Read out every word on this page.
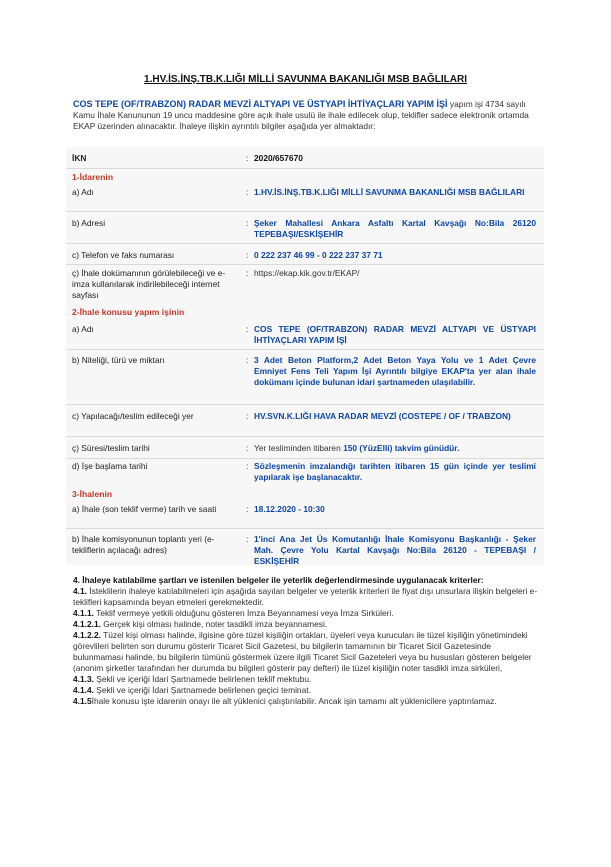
1.HV.İS.İNŞ.TB.K.LIĞI MİLLİ SAVUNMA BAKANLIĞI MSB BAĞLILARI
COS TEPE (OF/TRABZON) RADAR MEVZİ ALTYAPI VE ÜSTYAPI İHTİYAÇLARI YAPIM İŞİ yapım işi 4734 sayılı Kamu İhale Kanununun 19 uncu maddesine göre açık ihale usulü ile ihale edilecek olup, teklifler sadece elektronik ortamda EKAP üzerinden alınacaktır. İhaleye ilişkin ayrıntılı bilgiler aşağıda yer almaktadır:
İKN	: 2020/657670
1-İdarenin
a) Adı	: 1.HV.İS.İNŞ.TB.K.LIĞI MİLLİ SAVUNMA BAKANLIĞI MSB BAĞLILARI
b) Adresi	: Şeker Mahallesi Ankara Asfaltı Kartal Kavşağı No:Bila 26120 TEPEBAŞI/ESKİŞEHİR
c) Telefon ve faks numarası	: 0 222 237 46 99 - 0 222 237 37 71
ç) İhale dokümanının görülebileceği ve e-imza kullanılarak indirilebileceği internet sayfası
: https://ekap.kik.gov.tr/EKAP/
2-İhale konusu yapım işinin
a) Adı	: COS TEPE (OF/TRABZON) RADAR MEVZİ ALTYAPI VE ÜSTYAPI İHTİYAÇLARI YAPIM İŞİ
b) Niteliği, türü ve miktarı	: 3 Adet Beton Platform,2 Adet Beton Yaya Yolu ve 1 Adet Çevre Emniyet Fens Teli Yapım İşi Ayrıntılı bilgiye EKAP'ta yer alan ihale dokümanı içinde bulunan idari şartnameden ulaşılabilir.
c) Yapılacağı/teslim edileceği yer	: HV.SVN.K.LIĞI HAVA RADAR MEVZİ (COSTEPE / OF / TRABZON)
ç) Süresi/teslim tarihi	: Yer tesliminden itibaren 150 (YüzElli) takvim günüdür.
d) İşe başlama tarihi	: Sözleşmenin imzalandığı tarihten itibaren 15 gün içinde yer teslimi yapılarak işe başlanacaktır.
3-İhalenin
a) İhale (son teklif verme) tarih ve saati	: 18.12.2020 - 10:30
b) İhale komisyonunun toplantı yeri (e-tekliflerin açılacağı adres)
: 1'inci Ana Jet Üs Komutanlığı İhale Komisyonu Başkanlığı - Şeker Mah. Çevre Yolu Kartal Kavşağı No:Bila 26120 - TEPEBAŞI / ESKİŞEHİR

4. İhaleye katılabilme şartları ve istenilen belgeler ile yeterlik değerlendirmesinde uygulanacak kriterler:

4.1. İsteklilerin ihaleye katılabilmeleri için aşağıda sayılan belgeler ve yeterlik kriterleri ile fiyat dışı unsurlara ilişkin belgeleri e-teklifleri kapsamında beyan etmeleri gerekmektedir.

4.1.1. Teklif vermeye yetkili olduğunu gösteren İmza Beyannamesi veya İmza Sirküleri.

4.1.2.1. Gerçek kişi olması halinde, noter tasdikli imza beyannamesi.

4.1.2.2. Tüzel kişi olması halinde, ilgisine göre tüzel kişiliğin ortakları, üyeleri veya kurucuları ile tüzel kişiliğin yönetimindeki görevlileri belirten son durumu gösterir Ticaret Sicil Gazetesi, bu bilgilerin tamamının bir Ticaret Sicil Gazetesinde bulunmaması halinde, bu bilgilerin tümünü göstermek üzere ilgili Ticaret Sicil Gazeteleri veya bu hususları gösteren belgeler (anonim şirketler tarafından her durumda bu bilgileri gösterir pay defteri) ile tüzel kişiliğin noter tasdikli imza sirküleri,

4.1.3. Şekli ve içeriği İdari Şartnamede belirlenen teklif mektubu.

4.1.4. Şekli ve içeriği İdari Şartnamede belirlenen geçici teminat.

4.1.5İhale konusu işte idarenin onayı ile alt yüklenici çalıştırılabilir. Ancak işin tamamı alt yüklenicilere yaptırılamaz.
